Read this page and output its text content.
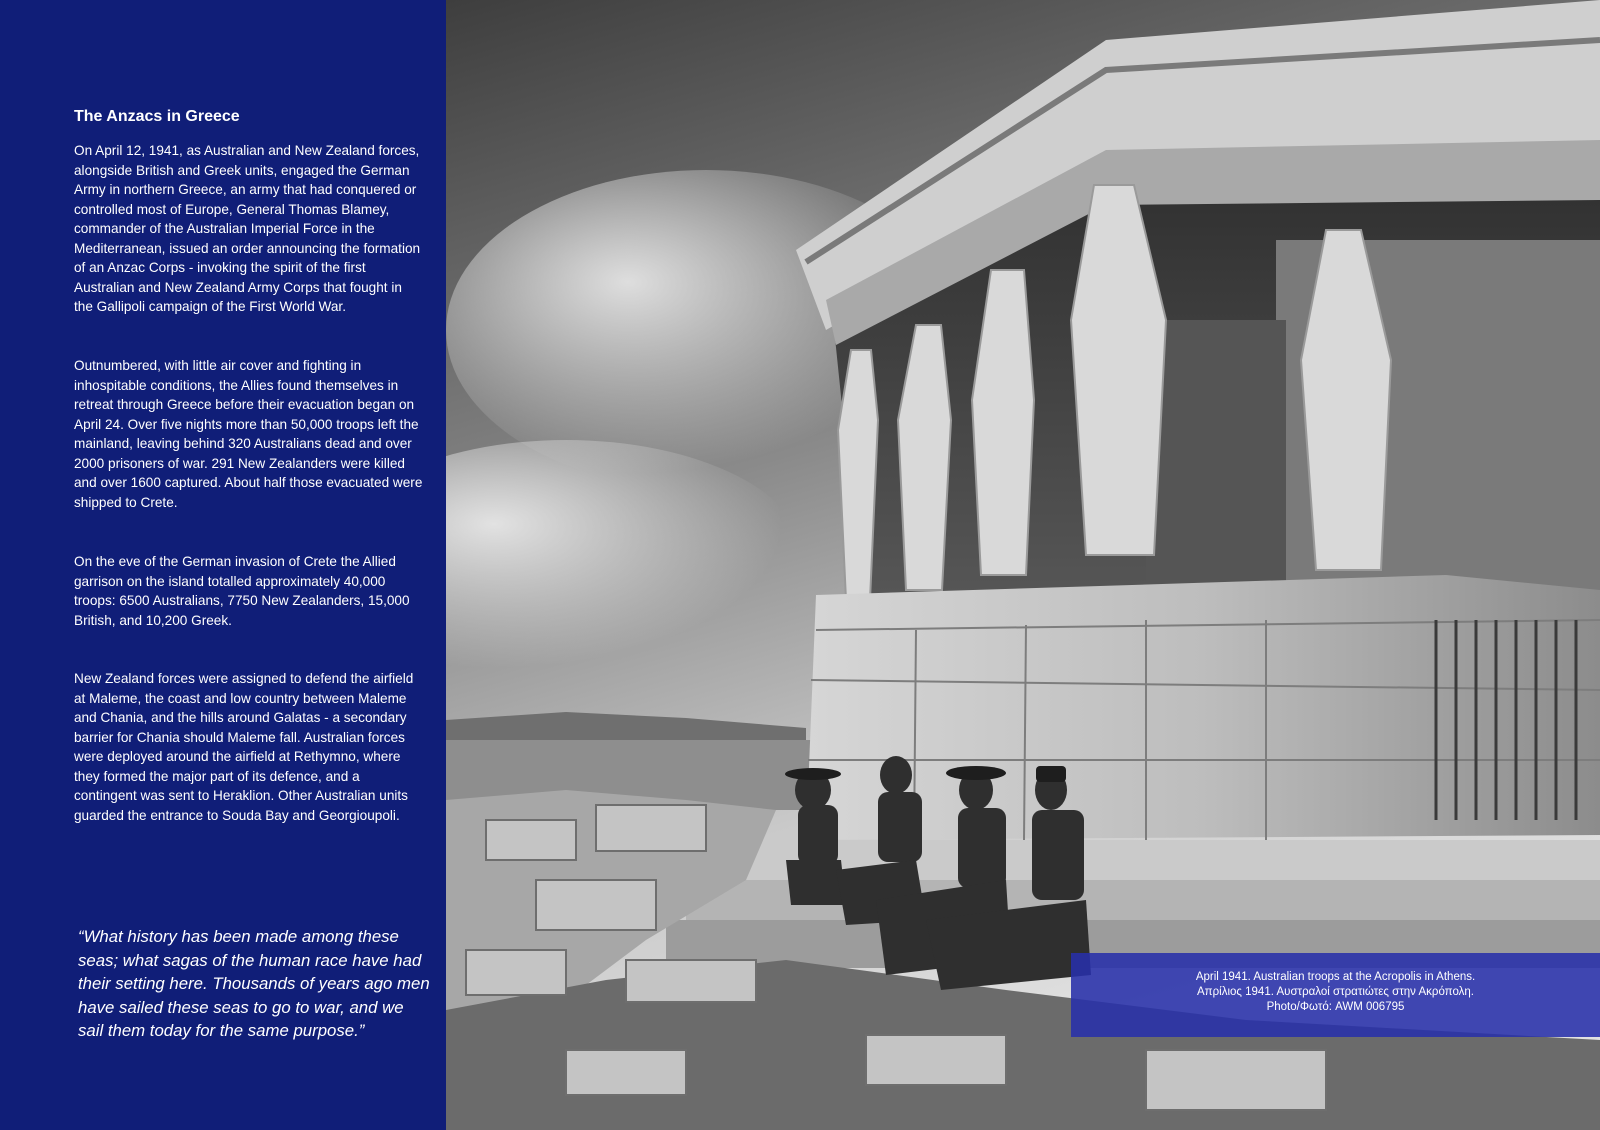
The Anzacs in Greece

On April 12, 1941, as Australian and New Zealand forces, alongside British and Greek units, engaged the German Army in northern Greece, an army that had conquered or controlled most of Europe, General Thomas Blamey, commander of the Australian Imperial Force in the Mediterranean, issued an order announcing the formation of an Anzac Corps - invoking the spirit of the first Australian and New Zealand Army Corps that fought in the Gallipoli campaign of the First World War.

Outnumbered, with little air cover and fighting in inhospitable conditions, the Allies found themselves in retreat through Greece before their evacuation began on April 24. Over five nights more than 50,000 troops left the mainland, leaving behind 320 Australians dead and over 2000 prisoners of war. 291 New Zealanders were killed and over 1600 captured. About half those evacuated were shipped to Crete.

On the eve of the German invasion of Crete the Allied garrison on the island totalled approximately 40,000 troops: 6500 Australians, 7750 New Zealanders, 15,000 British, and 10,200 Greek.

New Zealand forces were assigned to defend the airfield at Maleme, the coast and low country between Maleme and Chania, and the hills around Galatas - a secondary barrier for Chania should Maleme fall. Australian forces were deployed around the airfield at Rethymno, where they formed the major part of its defence, and a contingent was sent to Heraklion. Other Australian units guarded the entrance to Souda Bay and Georgioupoli.

“What history has been made among these seas; what sagas of the human race have had their setting here. Thousands of years ago men have sailed these seas to go to war, and we sail them today for the same purpose.”

April 1941. Australian troops at the Acropolis in Athens.
Απρίλιος 1941. Αυστραλοί στρατιώτες στην Ακρόπολη.
Photo/Φωτό: AWM 006795
